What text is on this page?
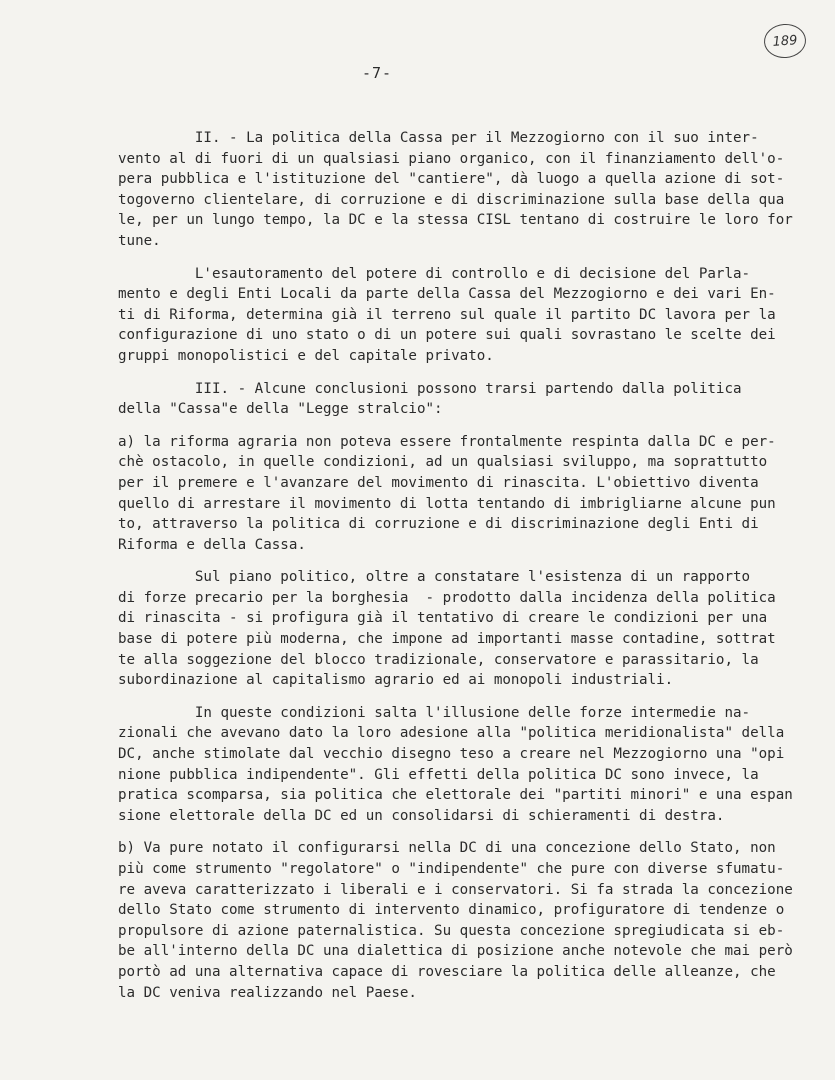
189
-7-
II. - La politica della Cassa per il Mezzogiorno con il suo inter-
vento al di fuori di un qualsiasi piano organico, con il finanziamento dell'o-
pera pubblica e l'istituzione del "cantiere", dà luogo a quella azione di sot-
togoverno clientelare, di corruzione e di discriminazione sulla base della qua
le, per un lungo tempo, la DC e la stessa CISL tentano di costruire le loro for
tune.
L'esautoramento del potere di controllo e di decisione del Parla-
mento e degli Enti Locali da parte della Cassa del Mezzogiorno e dei vari En-
ti di Riforma, determina già il terreno sul quale il partito DC lavora per la
configurazione di uno stato o di un potere sui quali sovrastano le scelte dei
gruppi monopolistici e del capitale privato.
III. - Alcune conclusioni possono trarsi partendo dalla politica
della "Cassa"e della "Legge stralcio":
a) la riforma agraria non poteva essere frontalmente respinta dalla DC e per-
chè ostacolo, in quelle condizioni, ad un qualsiasi sviluppo, ma soprattutto
per il premere e l'avanzare del movimento di rinascita. L'obiettivo diventa
quello di arrestare il movimento di lotta tentando di imbrigliarne alcune pun
to, attraverso la politica di corruzione e di discriminazione degli Enti di
Riforma e della Cassa.
Sul piano politico, oltre a constatare l'esistenza di un rapporto
di forze precario per la borghesia  - prodotto dalla incidenza della politica
di rinascita - si profigura già il tentativo di creare le condizioni per una
base di potere più moderna, che impone ad importanti masse contadine, sottrat
te alla soggezione del blocco tradizionale, conservatore e parassitario, la
subordinazione al capitalismo agrario ed ai monopoli industriali.
In queste condizioni salta l'illusione delle forze intermedie na-
zionali che avevano dato la loro adesione alla "politica meridionalista" della
DC, anche stimolate dal vecchio disegno teso a creare nel Mezzogiorno una "opi
nione pubblica indipendente". Gli effetti della politica DC sono invece, la
pratica scomparsa, sia politica che elettorale dei "partiti minori" e una espan
sione elettorale della DC ed un consolidarsi di schieramenti di destra.
b) Va pure notato il configurarsi nella DC di una concezione dello Stato, non
più come strumento "regolatore" o "indipendente" che pure con diverse sfumatu-
re aveva caratterizzato i liberali e i conservatori. Si fa strada la concezione
dello Stato come strumento di intervento dinamico, profiguratore di tendenze o
propulsore di azione paternalistica. Su questa concezione spregiudicata si eb-
be all'interno della DC una dialettica di posizione anche notevole che mai però
portò ad una alternativa capace di rovesciare la politica delle alleanze, che
la DC veniva realizzando nel Paese.
